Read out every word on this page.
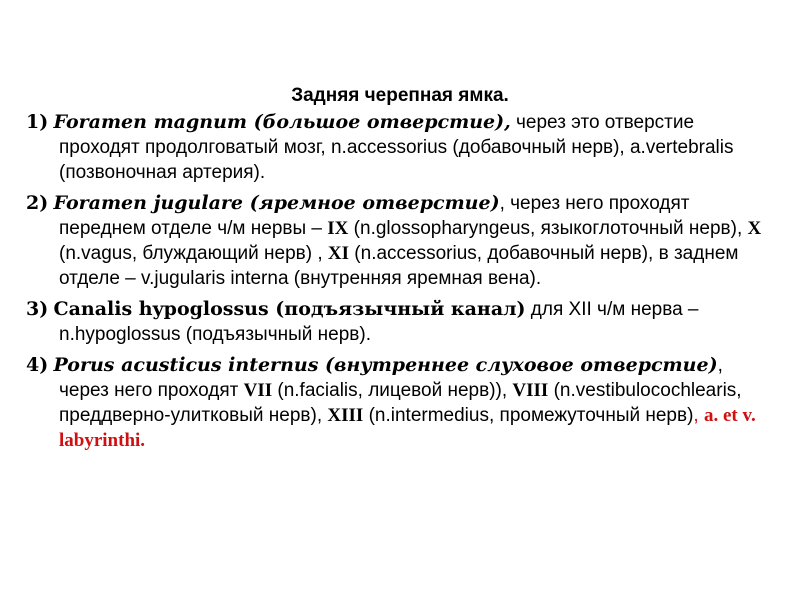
Задняя черепная ямка.
1) Foramen magnum (большое отверстие), через это отверстие проходят продолговатый мозг, n.accessorius (добавочный нерв), a.vertebralis (позвоночная артерия).
2) Foramen jugulare (яремное отверстие), через него проходят переднем отделе ч/м нервы – IX (n.glossopharyngeus, языкоглоточный нерв), X (n.vagus, блуждающий нерв) , XI (n.accessorius, добавочный нерв), в заднем отделе – v.jugularis interna (внутренняя яремная вена).
3) Canalis hypoglossus (подъязычный канал) для XII ч/м нерва – n.hypoglossus (подъязычный нерв).
4) Porus acusticus internus (внутреннее слуховое отверстие), через него проходят VII (n.facialis, лицевой нерв)), VIII (n.vestibulocochlearis, преддверно-улитковый нерв), XIII (n.intermedius, промежуточный нерв), a. et v. labyrinthi.
